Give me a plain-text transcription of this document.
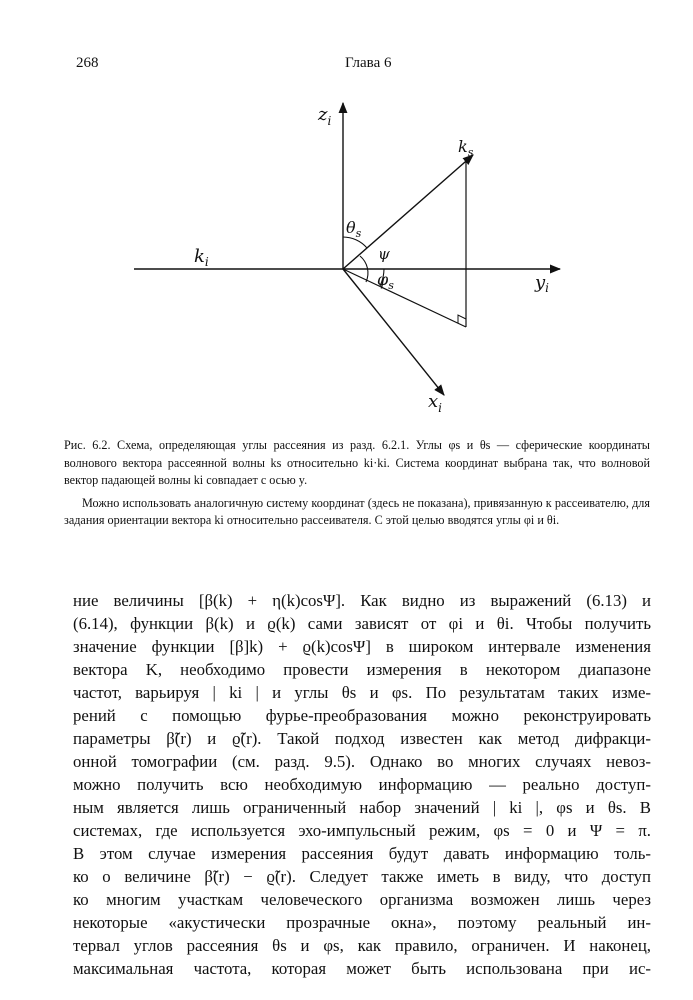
268	Глава 6
$z_i$
$k_s$
$\theta_s$
ψ
$k_i$
$\varphi_s$	$y_i$
$x_i$

Рис. 6.2. Схема, определяющая углы рассеяния из разд. 6.2.1. Углы φs и θs — сферические координаты волнового вектора рассеянной волны ks относительно ki·ki. Система координат выбрана так, что волновой вектор падающей волны ki совпадает с осью y.

Можно использовать аналогичную систему координат (здесь не показана), привязанную к рассеивателю, для задания ориентации вектора ki относительно рассеивателя. С этой целью вводятся углы φi и θi.

ние величины [β(k) + η(k)cosΨ]. Как видно из выражений (6.13) и
(6.14), функции β(k) и ϱ(k) сами зависят от φi и θi. Чтобы получить
значение функции [β]k) + ϱ(k)cosΨ] в широком интервале изменения
вектора K, необходимо провести измерения в некотором диапазоне
частот, варьируя | ki | и углы θs и φs. По результатам таких изме-
рений с помощью фурье-преобразования можно реконструировать
параметры β̃(r) и ϱ̃(r). Такой подход известен как метод дифракци-
онной томографии (см. разд. 9.5). Однако во многих случаях невоз-
можно получить всю необходимую информацию — реально доступ-
ным является лишь ограниченный набор значений | ki |, φs и θs. В
системах, где используется эхо-импульсный режим, φs = 0 и Ψ = π.
В этом случае измерения рассеяния будут давать информацию толь-
ко о величине β̃(r) − ϱ̃(r). Следует также иметь в виду, что доступ
ко многим участкам человеческого организма возможен лишь через
некоторые «акустически прозрачные окна», поэтому реальный ин-
тервал углов рассеяния θs и φs, как правило, ограничен. И наконец,
максимальная частота, которая может быть использована при ис-
